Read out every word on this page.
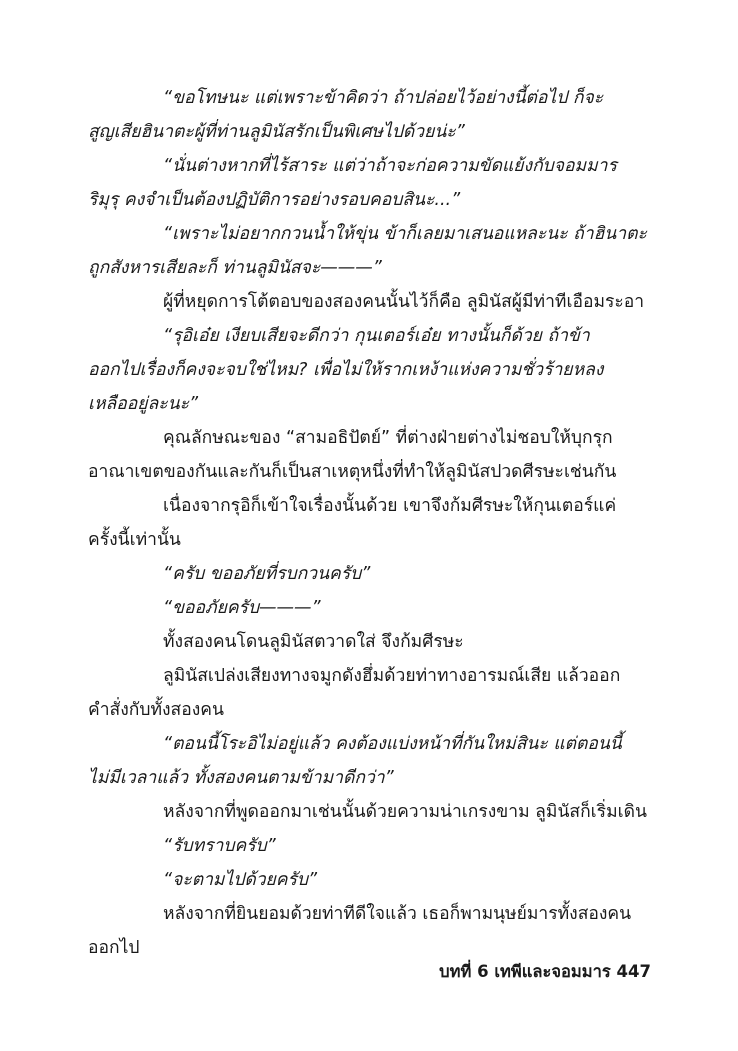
“ขอโทษนะ แต่เพราะข้าคิดว่า ถ้าปล่อยไว้อย่างนี้ต่อไป ก็จะ
สูญเสียฮินาตะผู้ที่ท่านลูมินัสรักเป็นพิเศษไปด้วยน่ะ”
“นั่นต่างหากที่ไร้สาระ แต่ว่าถ้าจะก่อความขัดแย้งกับจอมมาร
ริมุรุ คงจำเป็นต้องปฏิบัติการอย่างรอบคอบสินะ...”
“เพราะไม่อยากกวนน้ำให้ขุ่น ข้าก็เลยมาเสนอแหละนะ ถ้าฮินาตะ
ถูกสังหารเสียละก็ ท่านลูมินัสจะ———”
ผู้ที่หยุดการโต้ตอบของสองคนนั้นไว้ก็คือ ลูมินัสผู้มีท่าทีเอือมระอา
“รุอิเอ๋ย เงียบเสียจะดีกว่า กุนเตอร์เอ๋ย ทางนั้นก็ด้วย ถ้าข้า
ออกไปเรื่องก็คงจะจบใช่ไหม? เพื่อไม่ให้รากเหง้าแห่งความชั่วร้ายหลง
เหลืออยู่ละนะ”
คุณลักษณะของ “สามอธิปัตย์” ที่ต่างฝ่ายต่างไม่ชอบให้บุกรุก
อาณาเขตของกันและกันก็เป็นสาเหตุหนึ่งที่ทำให้ลูมินัสปวดศีรษะเช่นกัน
เนื่องจากรุอิก็เข้าใจเรื่องนั้นด้วย เขาจึงก้มศีรษะให้กุนเตอร์แค่
ครั้งนี้เท่านั้น
“ครับ ขออภัยที่รบกวนครับ”
“ขออภัยครับ———”
ทั้งสองคนโดนลูมินัสตวาดใส่ จึงก้มศีรษะ
ลูมินัสเปล่งเสียงทางจมูกดังฮึ่มด้วยท่าทางอารมณ์เสีย แล้วออก
คำสั่งกับทั้งสองคน
“ตอนนี้โระอิไม่อยู่แล้ว คงต้องแบ่งหน้าที่กันใหม่สินะ แต่ตอนนี้
ไม่มีเวลาแล้ว ทั้งสองคนตามข้ามาดีกว่า”
หลังจากที่พูดออกมาเช่นนั้นด้วยความน่าเกรงขาม ลูมินัสก็เริ่มเดิน
“รับทราบครับ”
“จะตามไปด้วยครับ”
หลังจากที่ยินยอมด้วยท่าทีดีใจแล้ว เธอก็พามนุษย์มารทั้งสองคน
ออกไป
บทที่ 6 เทพีและจอมมาร 447
